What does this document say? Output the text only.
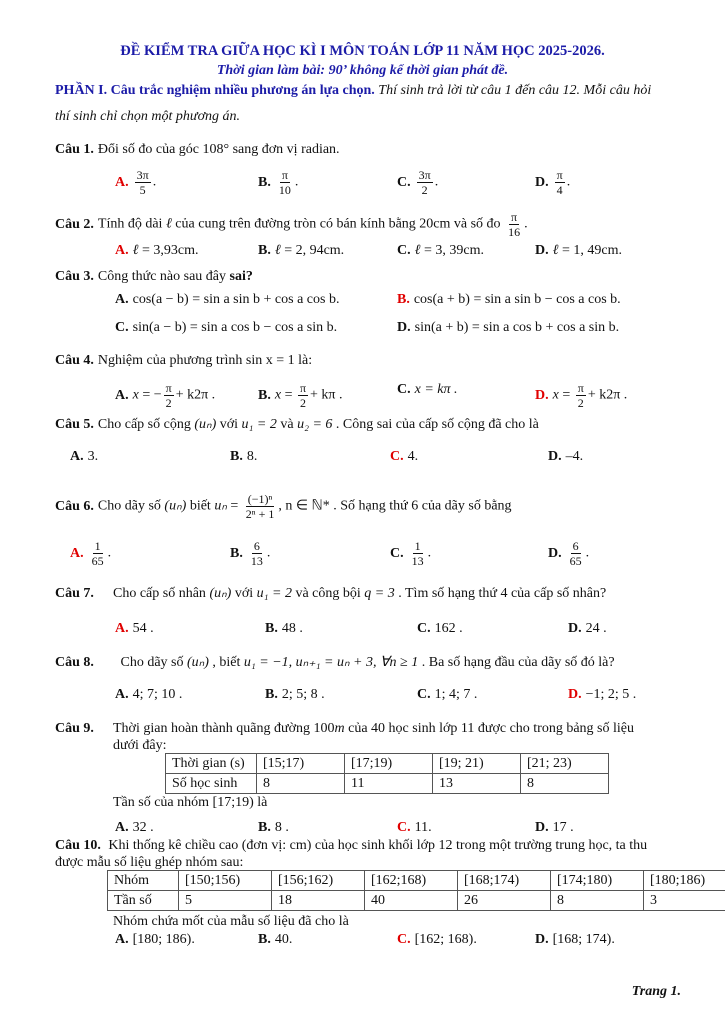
ĐỀ KIỂM TRA GIỮA HỌC KÌ I MÔN TOÁN LỚP 11 NĂM HỌC 2025-2026.
Thời gian làm bài: 90’ không kể thời gian phát đề.
PHẦN I. Câu trắc nghiệm nhiều phương án lựa chọn. Thí sinh trả lời từ câu 1 đến câu 12. Mỗi câu hỏi
thí sinh chỉ chọn một phương án.
Câu 1. Đổi số đo của góc 108° sang đơn vị radian.
A. $\frac{3\pi}{5}$ .	B. $\frac{\pi}{10}$ .	C. $\frac{3\pi}{2}$ .	D. $\frac{\pi}{4}$ .
Câu 2. Tính độ dài ℓ của cung trên đường tròn có bán kính bằng 20cm và số đo $\frac{\pi}{16}$ .
A. ℓ = 3,93cm.	B. ℓ = 2, 94cm.	C. ℓ = 3, 39cm.	D. ℓ = 1, 49cm.
Câu 3. Công thức nào sau đây sai?
A. cos(a − b) = sin a sin b + cos a cos b.	B. cos(a + b) = sin a sin b − cos a cos b.
C. sin(a − b) = sin a cos b − cos a sin b.	D. sin(a + b) = sin a cos b + cos a sin b.
Câu 4. Nghiệm của phương trình sin x = 1 là:
A. x = − $\frac{\pi}{2} + k2\pi$ .	B. $x = \frac{\pi}{2} + k\pi$ .	C. x = kπ .	D. $x = \frac{\pi}{2} + k2\pi$ .
Câu 5. Cho cấp số cộng (uₙ) với u₁ = 2 và u₂ = 6 . Công sai của cấp số cộng đã cho là
A. 3.	B. 8.	C. 4.	D. –4.
Câu 6. Cho dãy số (uₙ) biết $u_n = \frac{\text{(−1)ⁿ}}{\text{2ⁿ + 1}}$ , n ∈ ℕ* . Số hạng thứ 6 của dãy số bằng
A. $\frac{1}{65}$ .	B. $\frac{6}{13}$ .	C. $\frac{1}{13}$ .	D. $\frac{6}{65}$ .
Câu 7. Cho cấp số nhân (uₙ) với u₁ = 2 và công bội q = 3 . Tìm số hạng thứ 4 của cấp số nhân?
A. 54 .	B. 48 .	C. 162 .	D. 24 .
Câu 8. Cho dãy số (uₙ) , biết u₁ = −1, uₙ₊₁ = uₙ + 3, ∀n ≥ 1 . Ba số hạng đầu của dãy số đó là?
A. 4; 7; 10 .	B. 2; 5; 8 .	C. 1; 4; 7 .	D. −1; 2; 5 .
Câu 9. Thời gian hoàn thành quãng đường 100m của 40 học sinh lớp 11 được cho trong bảng số liệu
dưới đây:
Thời gian (s)	[15;17)	[17;19)	[19; 21)	[21; 23)
Số học sinh	8	11	13	8
Tần số của nhóm [17;19) là
A. 32 .	B. 8 .	C. 11.	D. 17 .
Câu 10. Khi thống kê chiều cao (đơn vị: cm) của học sinh khối lớp 12 trong một trường trung học, ta thu
được mẫu số liệu ghép nhóm sau:
Nhóm	[150;156)	[156;162)	[162;168)	[168;174)	[174;180)	[180;186)
Tần số	5	18	40	26	8	3
Nhóm chứa mốt của mẫu số liệu đã cho là
A. [180; 186).	B. 40.	C. [162; 168).	D. [168; 174).
Trang 1.
